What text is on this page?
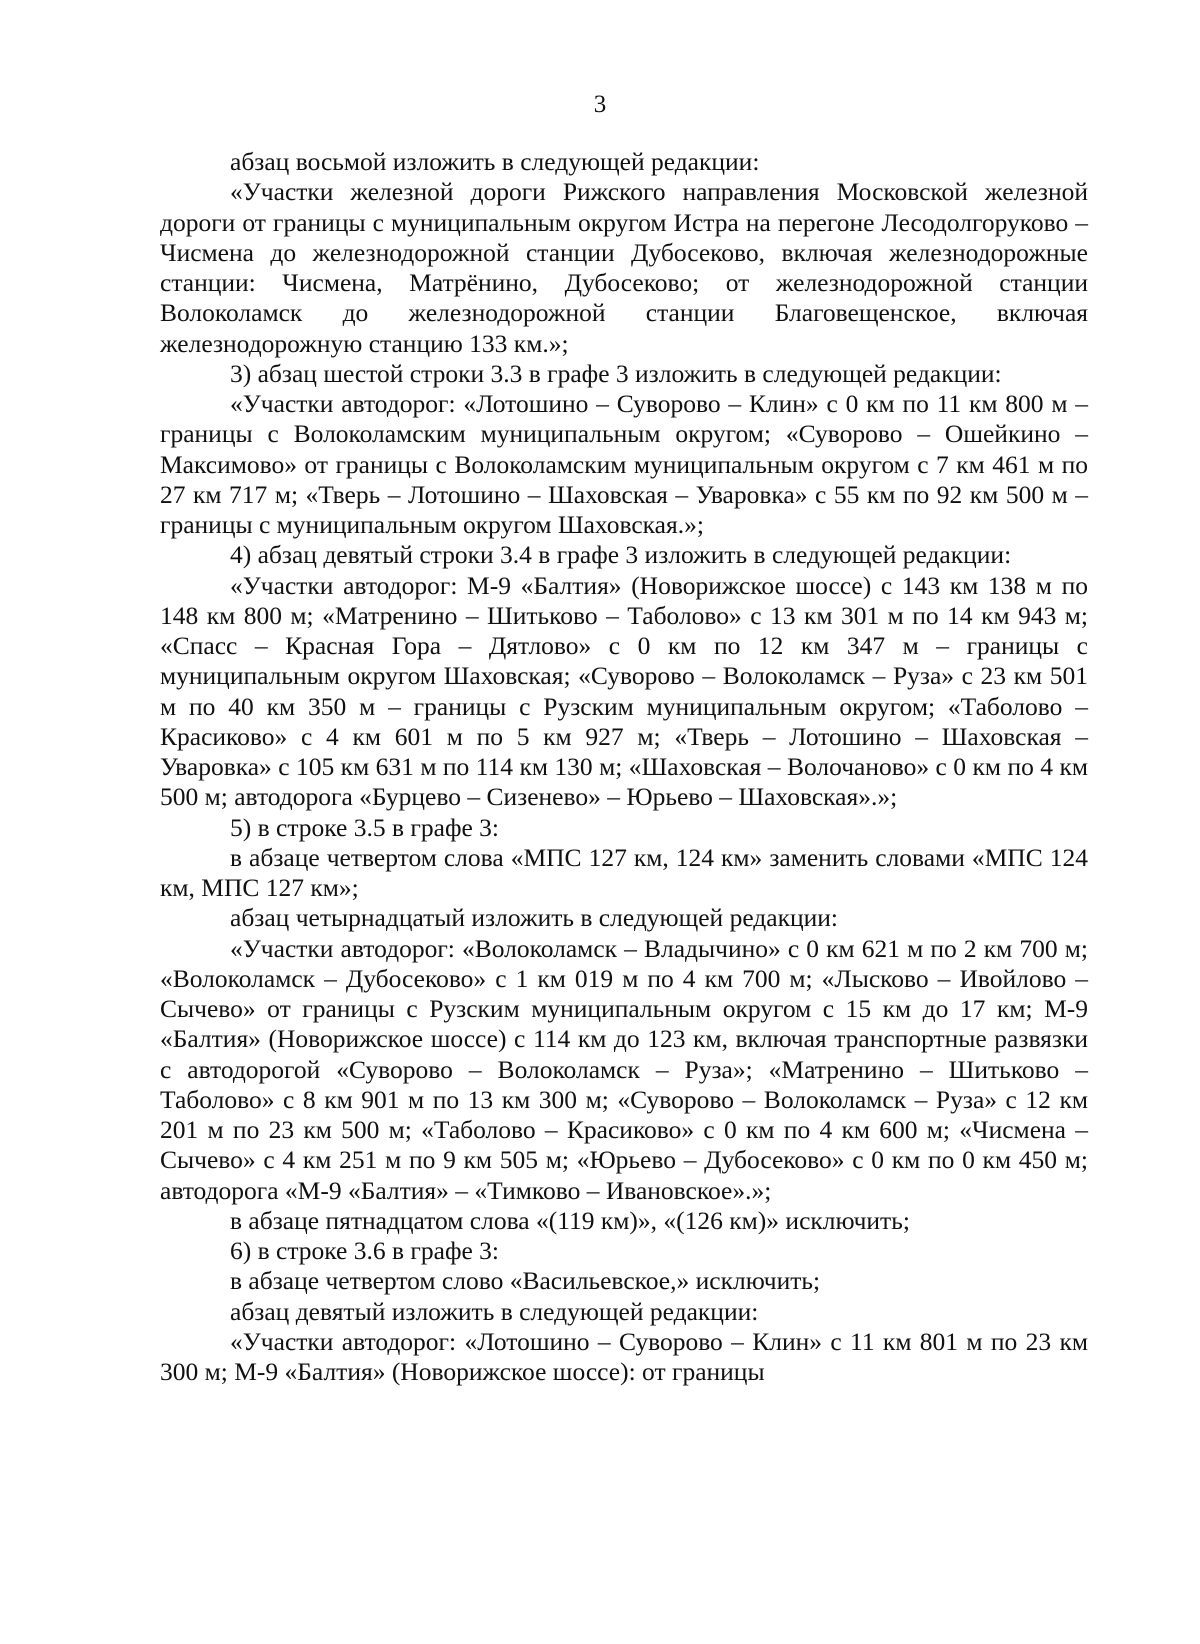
3

абзац восьмой изложить в следующей редакции:

«Участки железной дороги Рижского направления Московской железной дороги от границы с муниципальным округом Истра на перегоне Лесодолгоруково – Чисмена до железнодорожной станции Дубосеково, включая железнодорожные станции: Чисмена, Матрёнино, Дубосеково; от железнодорожной станции Волоколамск до железнодорожной станции Благовещенское, включая железнодорожную станцию 133 км.»;

3) абзац шестой строки 3.3 в графе 3 изложить в следующей редакции:

«Участки автодорог: «Лотошино – Суворово – Клин» с 0 км по 11 км 800 м – границы с Волоколамским муниципальным округом; «Суворово – Ошейкино – Максимово» от границы с Волоколамским муниципальным округом с 7 км 461 м по 27 км 717 м; «Тверь – Лотошино – Шаховская – Уваровка» с 55 км по 92 км 500 м – границы с муниципальным округом Шаховская.»;

4) абзац девятый строки 3.4 в графе 3 изложить в следующей редакции:

«Участки автодорог: М-9 «Балтия» (Новорижское шоссе) с 143 км 138 м по 148 км 800 м; «Матренино – Шитьково – Таболово» с 13 км 301 м по 14 км 943 м; «Спасс – Красная Гора – Дятлово» с 0 км по 12 км 347 м – границы с муниципальным округом Шаховская; «Суворово – Волоколамск – Руза» с 23 км 501 м по 40 км 350 м – границы с Рузским муниципальным округом; «Таболово – Красиково» с 4 км 601 м по 5 км 927 м; «Тверь – Лотошино – Шаховская – Уваровка» с 105 км 631 м по 114 км 130 м; «Шаховская – Волочаново» с 0 км по 4 км 500 м; автодорога «Бурцево – Сизенево» – Юрьево – Шаховская».»;

5) в строке 3.5 в графе 3:

в абзаце четвертом слова «МПС 127 км, 124 км» заменить словами «МПС 124 км, МПС 127 км»;

абзац четырнадцатый изложить в следующей редакции:

«Участки автодорог: «Волоколамск – Владычино» с 0 км 621 м по 2 км 700 м; «Волоколамск – Дубосеково» с 1 км 019 м по 4 км 700 м; «Лысково – Ивойлово – Сычево» от границы с Рузским муниципальным округом с 15 км до 17 км; М-9 «Балтия» (Новорижское шоссе) с 114 км до 123 км, включая транспортные развязки с автодорогой «Суворово – Волоколамск – Руза»; «Матренино – Шитьково – Таболово» с 8 км 901 м по 13 км 300 м; «Суворово – Волоколамск – Руза» с 12 км 201 м по 23 км 500 м; «Таболово – Красиково» с 0 км по 4 км 600 м; «Чисмена – Сычево» с 4 км 251 м по 9 км 505 м; «Юрьево – Дубосеково» с 0 км по 0 км 450 м; автодорога «М-9 «Балтия» – «Тимково – Ивановское».»;

в абзаце пятнадцатом слова «(119 км)», «(126 км)» исключить;

6) в строке 3.6 в графе 3:

в абзаце четвертом слово «Васильевское,» исключить;

абзац девятый изложить в следующей редакции:

«Участки автодорог: «Лотошино – Суворово – Клин» с 11 км 801 м по 23 км 300 м; М-9 «Балтия» (Новорижское шоссе): от границы
